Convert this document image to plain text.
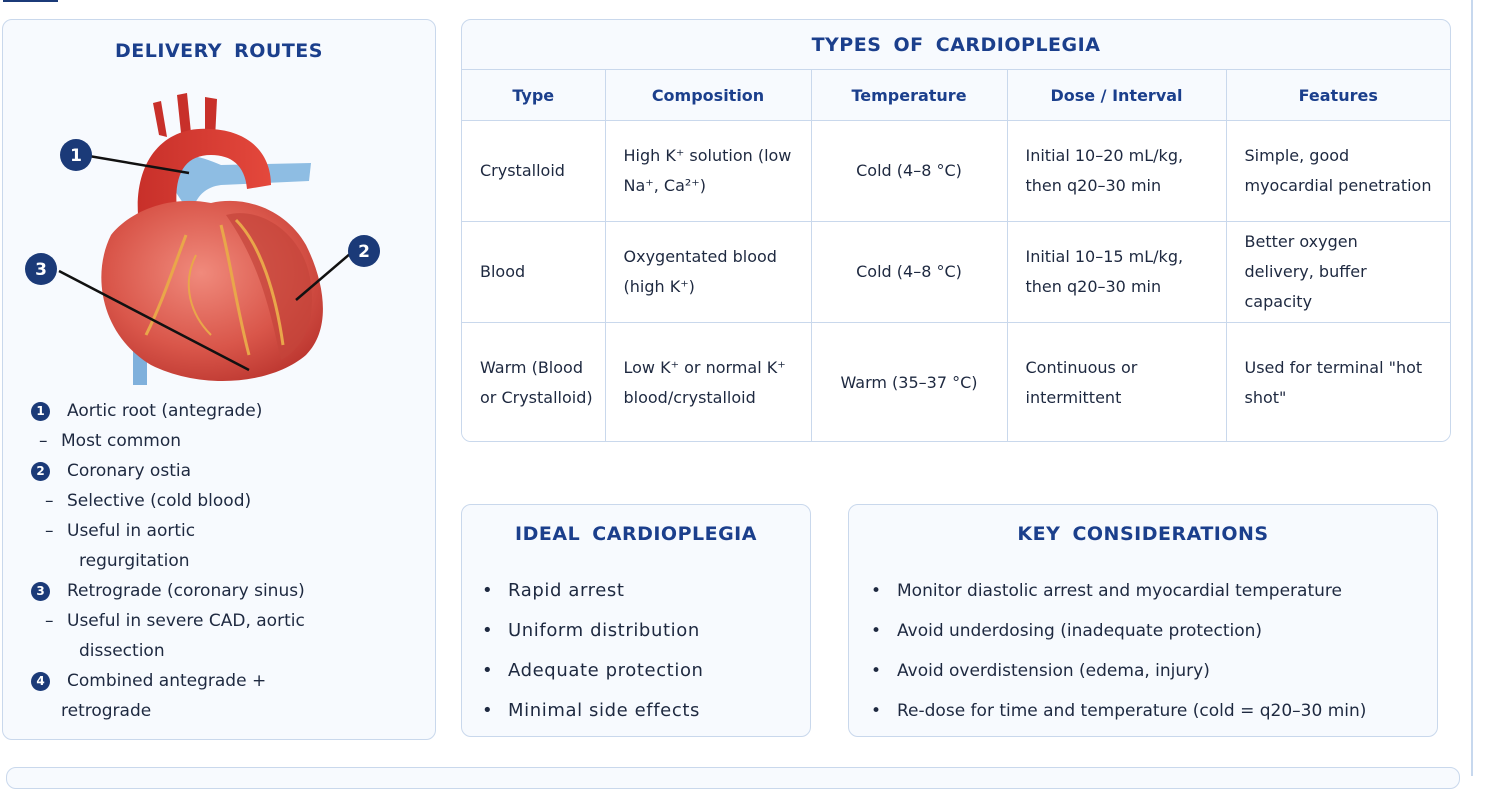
DELIVERY ROUTES
1
2
3
1	Aortic root (antegrade)
– Most common
2	Coronary ostia
– Selective (cold blood)
– Useful in aortic regurgitation
3	Retrograde (coronary sinus)
– Useful in severe CAD, aortic dissection
4	Combined antegrade +
retrograde
TYPES OF CARDIOPLEGIA
Type	Composition	Temperature	Dose / Interval	Features
Crystalloid	High K⁺ solution (low Na⁺, Ca²⁺)	Cold (4–8 °C)	Initial 10–20 mL/kg, then q20–30 min	Simple, good myocardial penetration
Blood	Oxygentated blood (high K⁺)	Cold (4–8 °C)	Initial 10–15 mL/kg, then q20–30 min	Better oxygen delivery, buffer capacity
Warm (Blood or Crystalloid)	Low K⁺ or normal K⁺ blood/crystalloid	Warm (35–37 °C)	Continuous or intermittent	Used for terminal "hot shot"
IDEAL CARDIOPLEGIA
• Rapid arrest
• Uniform distribution
• Adequate protection
• Minimal side effects
KEY CONSIDERATIONS
• Monitor diastolic arrest and myocardial temperature
• Avoid underdosing (inadequate protection)
• Avoid overdistension (edema, injury)
• Re-dose for time and temperature (cold = q20–30 min)
